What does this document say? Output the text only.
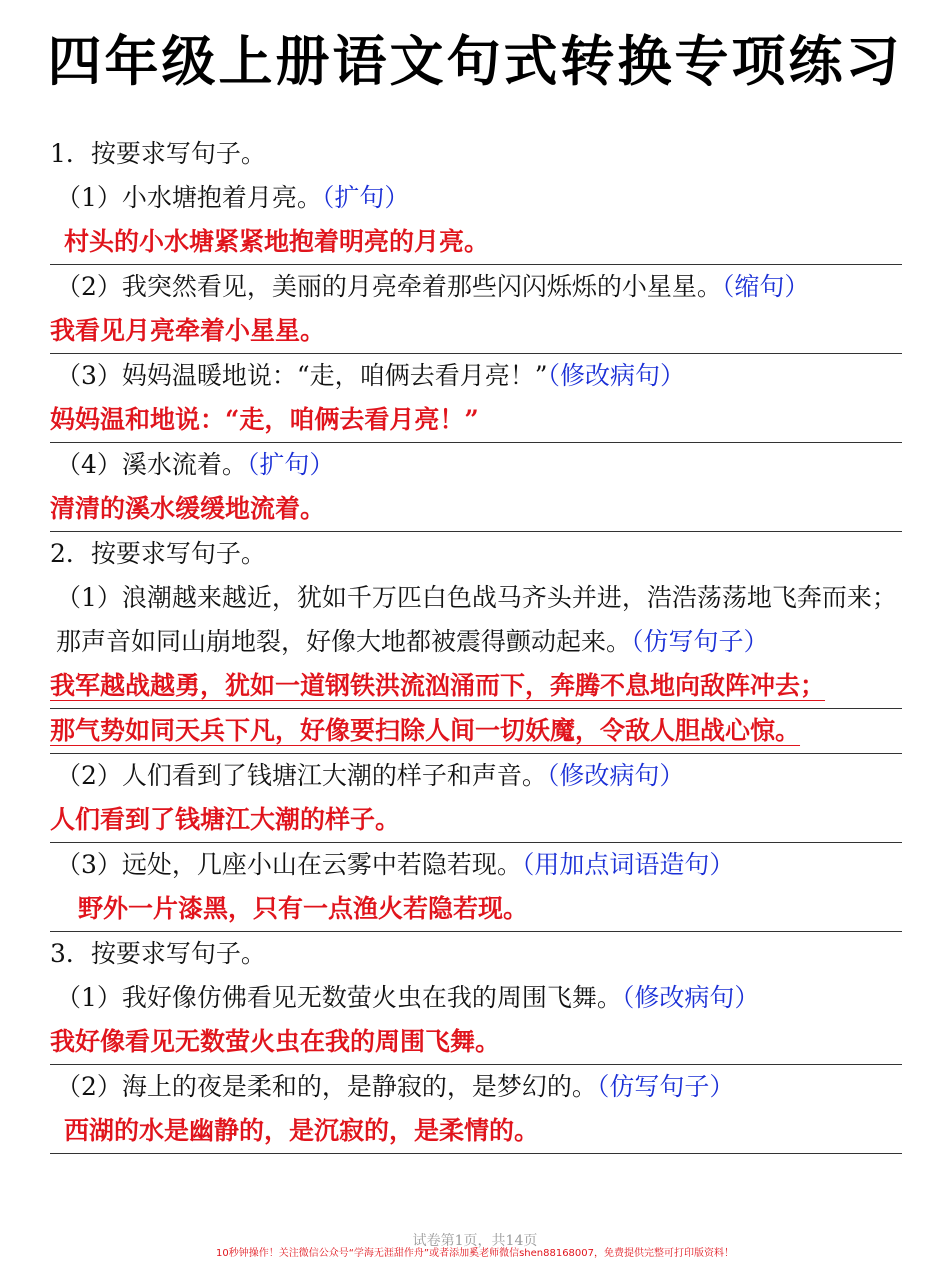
四年级上册语文句式转换专项练习
1．按要求写句子。
（1）小水塘抱着月亮。（扩句）
村头的小水塘紧紧地抱着明亮的月亮。
（2）我突然看见，美丽的月亮牵着那些闪闪烁烁的小星星。（缩句）
我看见月亮牵着小星星。
（3）妈妈温暖地说：“走，咱俩去看月亮！”（修改病句）
妈妈温和地说：“走，咱俩去看月亮！”
（4）溪水流着。（扩句）
清清的溪水缓缓地流着。
2．按要求写句子。
（1）浪潮越来越近，犹如千万匹白色战马齐头并进，浩浩荡荡地飞奔而来；那声音如同山崩地裂，好像大地都被震得颤动起来。（仿写句子）
我军越战越勇，犹如一道钢铁洪流汹涌而下，奔腾不息地向敌阵冲去；
那气势如同天兵下凡，好像要扫除人间一切妖魔，令敌人胆战心惊。
（2）人们看到了钱塘江大潮的样子和声音。（修改病句）
人们看到了钱塘江大潮的样子。
（3）远处，几座小山在云雾中若隐若现。（用加点词语造句）
野外一片漆黑，只有一点渔火若隐若现。
3．按要求写句子。
（1）我好像仿佛看见无数萤火虫在我的周围飞舞。（修改病句）
我好像看见无数萤火虫在我的周围飞舞。
（2）海上的夜是柔和的，是静寂的，是梦幻的。（仿写句子）
西湖的水是幽静的，是沉寂的，是柔情的。
试卷第1页，共14页
10秒钟操作！关注微信公众号“学海无涯甜作舟”或者添加奚老师微信shen88168007，免费提供完整可打印版资料！
